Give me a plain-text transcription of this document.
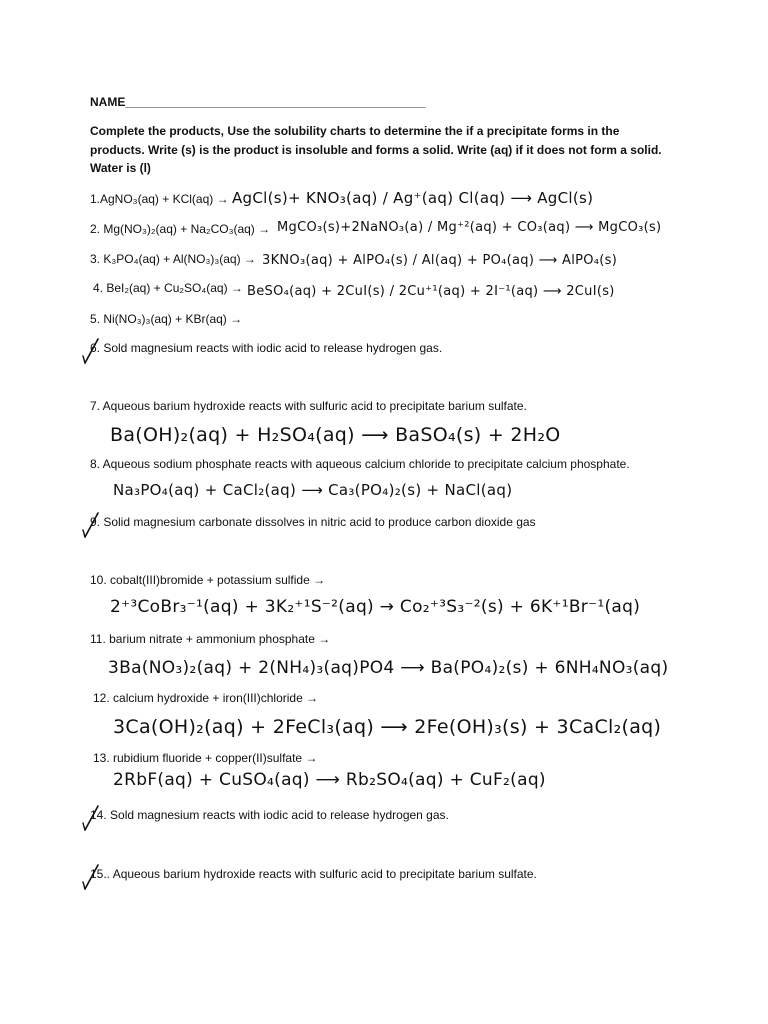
NAME_____________________________________________
Complete the products, Use the solubility charts to determine the if a precipitate forms in the
products. Write (s) is the product is insoluble and forms a solid. Write (aq) if it does not form a solid.
Water is (l)
1.AgNO₃(aq) + KCl(aq) → AgCl(s)+ KNO₃(aq) / Ag⁺(aq) Cl(aq) ⟶ AgCl(s)
2. Mg(NO₃)₂(aq) + Na₂CO₃(aq) → MgCO₃(s)+2NaNO₃(a) / Mg⁺²(aq) + CO₃(aq) ⟶ MgCO₃(s)
3. K₃PO₄(aq) + Al(NO₃)₃(aq) → 3KNO₃(aq) + AlPO₄(s) / Al(aq) + PO₄(aq) ⟶ AlPO₄(s)
4. BeI₂(aq) + Cu₂SO₄(aq) → BeSO₄(aq) + 2CuI(s) / 2Cu⁺¹(aq) + 2I⁻¹(aq) ⟶ 2CuI(s)
5. Ni(NO₃)₃(aq) + KBr(aq) →
6. Sold magnesium reacts with iodic acid to release hydrogen gas.
7. Aqueous barium hydroxide reacts with sulfuric acid to precipitate barium sulfate.
Ba(OH)₂(aq) + H₂SO₄(aq) ⟶ BaSO₄(s) + 2H₂O
8. Aqueous sodium phosphate reacts with aqueous calcium chloride to precipitate calcium phosphate.
Na₃PO₄(aq) + CaCl₂(aq) ⟶ Ca₃(PO₄)₂(s) + NaCl(aq)
9. Solid magnesium carbonate dissolves in nitric acid to produce carbon dioxide gas
10. cobalt(III)bromide + potassium sulfide →
2⁺³CoBr₃⁻¹(aq) + 3K₂⁺¹S⁻²(aq) → Co₂⁺³S₃⁻²(s) + 6K⁺¹Br⁻¹(aq)
11. barium nitrate + ammonium phosphate →
3Ba(NO₃)₂(aq) + 2(NH₄)₃(aq)PO4 ⟶ Ba(PO₄)₂(s) + 6NH₄NO₃(aq)
12. calcium hydroxide + iron(III)chloride →
3Ca(OH)₂(aq) + 2FeCl₃(aq) ⟶ 2Fe(OH)₃(s) + 3CaCl₂(aq)
13. rubidium fluoride + copper(II)sulfate →
2RbF(aq) + CuSO₄(aq) ⟶ Rb₂SO₄(aq) + CuF₂(aq)
14. Sold magnesium reacts with iodic acid to release hydrogen gas.
15.. Aqueous barium hydroxide reacts with sulfuric acid to precipitate barium sulfate.
